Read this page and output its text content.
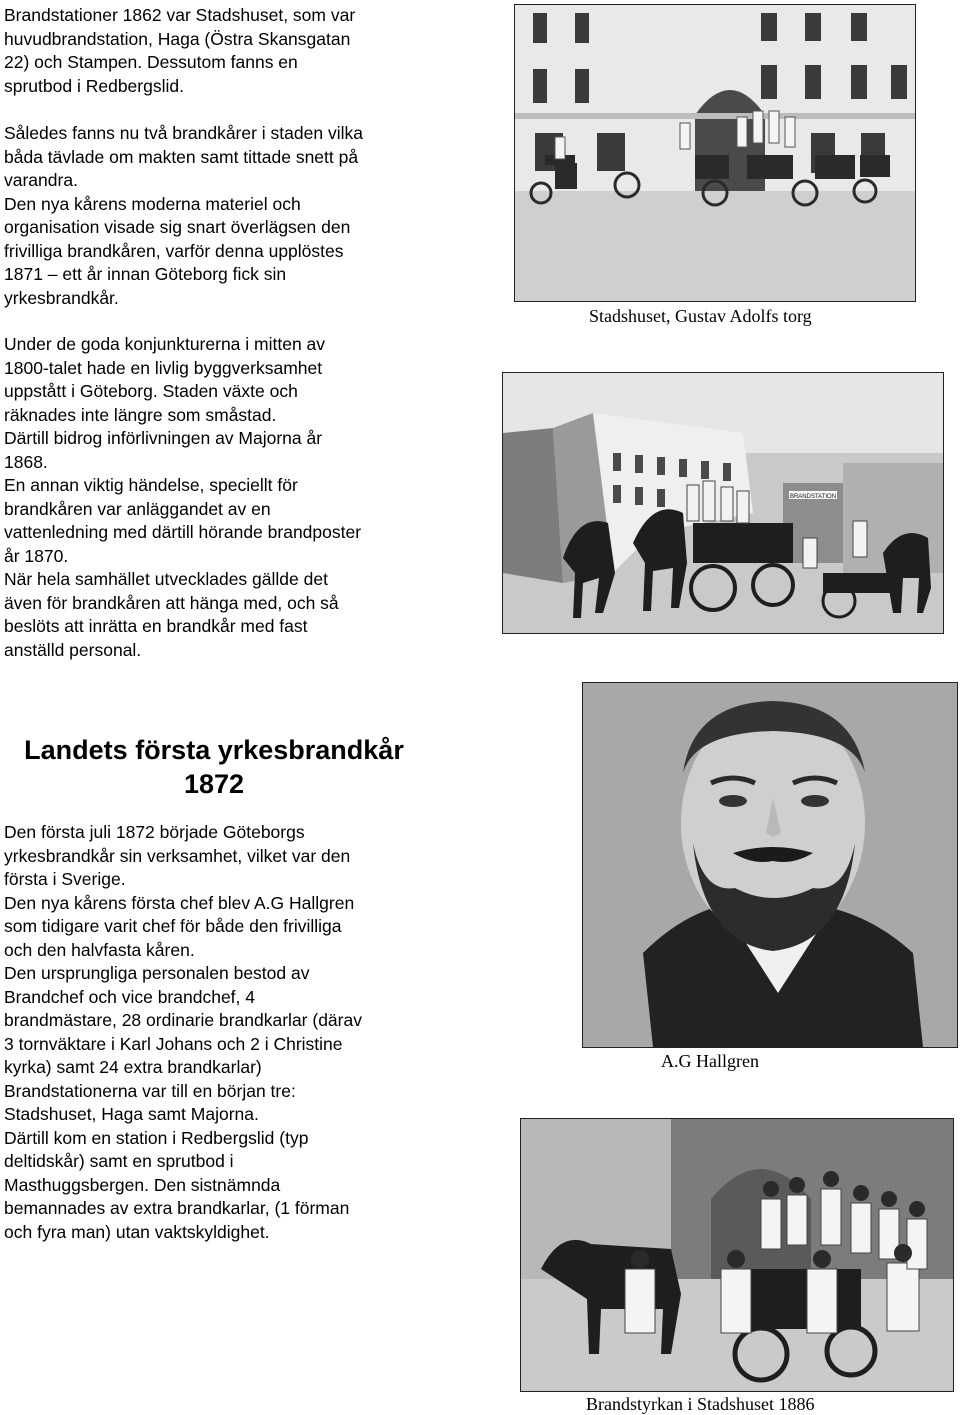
Brandstationer 1862 var Stadshuset, som var
huvudbrandstation, Haga (Östra Skansgatan
22) och Stampen. Dessutom fanns en
sprutbod i Redbergslid.
Således fanns nu två brandkårer i staden vilka
båda tävlade om makten samt tittade snett på
varandra.
Den nya kårens moderna materiel och
organisation visade sig snart överlägsen den
frivilliga brandkåren, varför denna upplöstes
1871 – ett år innan Göteborg fick sin
yrkesbrandkår.
Under de goda konjunkturerna i mitten av
1800-talet hade en livlig byggverksamhet
uppstått i Göteborg. Staden växte och
räknades inte längre som småstad.
Därtill bidrog införlivningen av Majorna år
1868.
En annan viktig händelse, speciellt för
brandkåren var anläggandet av en
vattenledning med därtill hörande brandposter
år 1870.
När hela samhället utvecklades gällde det
även för brandkåren att hänga med, och så
beslöts att inrätta en brandkår med fast
anställd personal.
Landets första yrkesbrandkår
1872
Den första juli 1872 började Göteborgs
yrkesbrandkår sin verksamhet, vilket var den
första i Sverige.
Den nya kårens första chef blev A.G Hallgren
som tidigare varit chef för både den frivilliga
och den halvfasta kåren.
Den ursprungliga personalen bestod av
Brandchef och vice brandchef, 4
brandmästare, 28 ordinarie brandkarlar (därav
3 tornväktare i Karl Johans och 2 i Christine
kyrka) samt 24 extra brandkarlar)
Brandstationerna var till en början tre:
Stadshuset, Haga samt Majorna.
Därtill kom en station i Redbergslid (typ
deltidskår) samt en sprutbod i
Masthuggsbergen. Den sistnämnda
bemannades av extra brandkarlar, (1 förman
och fyra man) utan vaktskyldighet.
Stadshuset, Gustav Adolfs torg
BRANDSTATION
A.G Hallgren
Brandstyrkan i Stadshuset 1886
